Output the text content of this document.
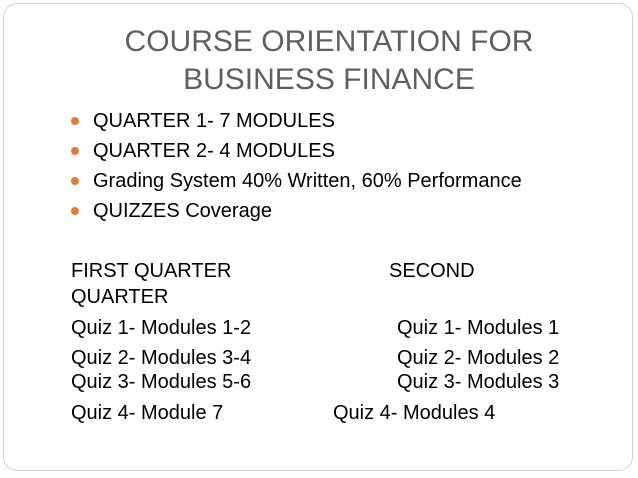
COURSE ORIENTATION FOR
BUSINESS FINANCE
QUARTER 1- 7 MODULES
QUARTER 2- 4 MODULES
Grading System 40% Written, 60% Performance
QUIZZES Coverage
FIRST QUARTER	SECOND
QUARTER
Quiz 1- Modules 1-2
Quiz 2- Modules 3-4
Quiz 3- Modules 5-6
Quiz 4- Module 7
Quiz 1- Modules 1
Quiz 2- Modules 2
Quiz 3- Modules 3
Quiz 4- Modules 4
